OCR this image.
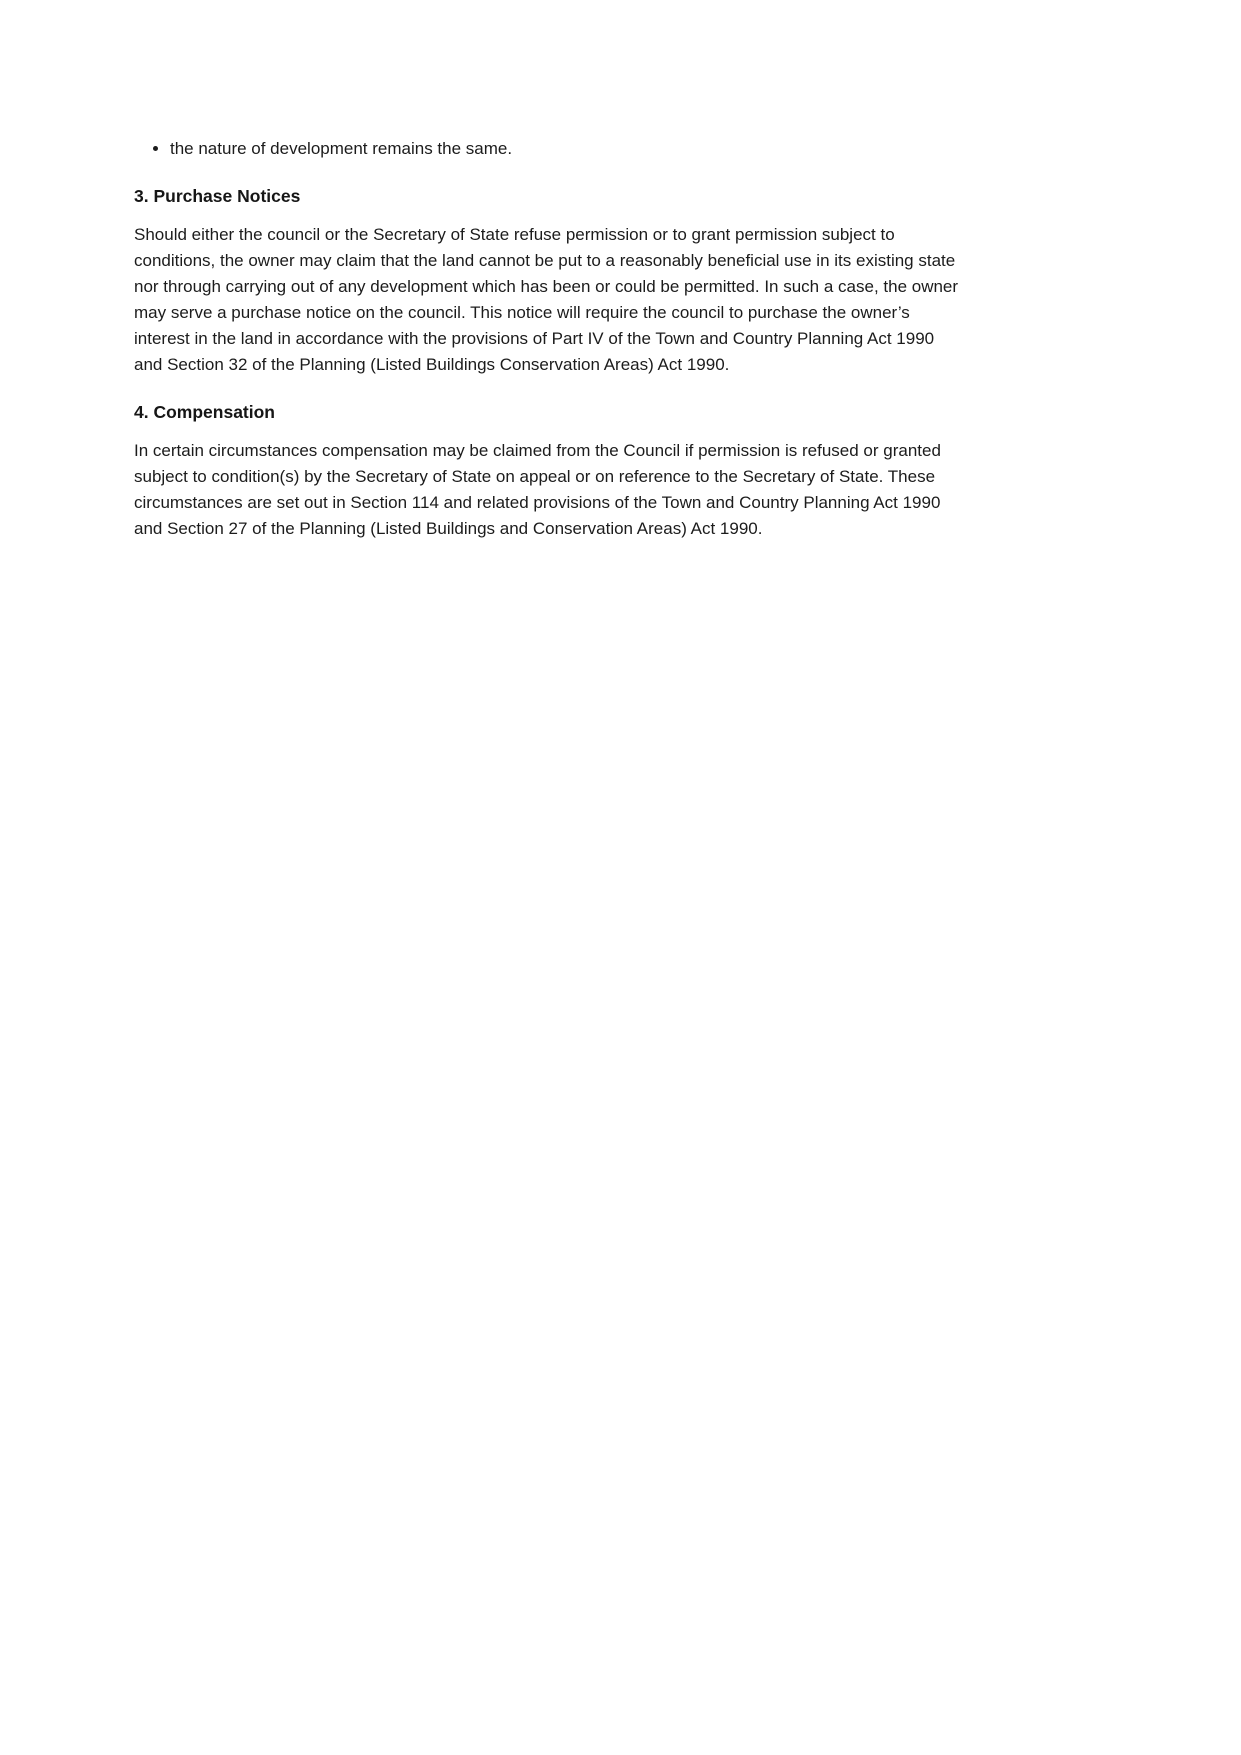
• the nature of development remains the same.
3. Purchase Notices

Should either the council or the Secretary of State refuse permission or to grant permission subject to conditions, the owner may claim that the land cannot be put to a reasonably beneficial use in its existing state nor through carrying out of any development which has been or could be permitted. In such a case, the owner may serve a purchase notice on the council. This notice will require the council to purchase the owner’s interest in the land in accordance with the provisions of Part IV of the Town and Country Planning Act 1990 and Section 32 of the Planning (Listed Buildings Conservation Areas) Act 1990.

4. Compensation

In certain circumstances compensation may be claimed from the Council if permission is refused or granted subject to condition(s) by the Secretary of State on appeal or on reference to the Secretary of State. These circumstances are set out in Section 114 and related provisions of the Town and Country Planning Act 1990 and Section 27 of the Planning (Listed Buildings and Conservation Areas) Act 1990.
